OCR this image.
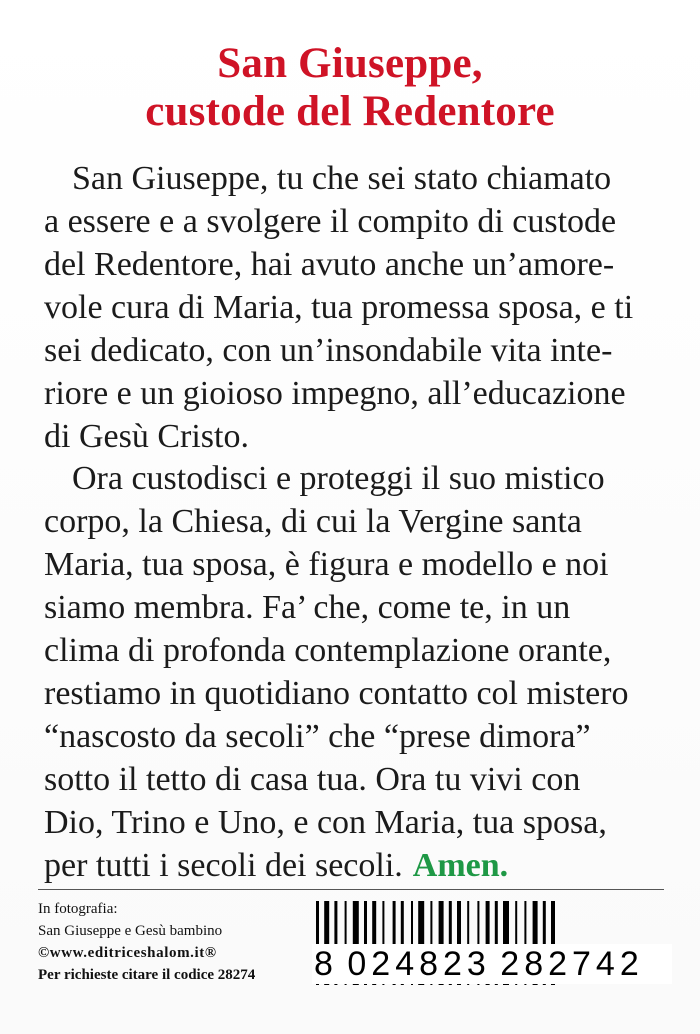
San Giuseppe,
custode del Redentore
San Giuseppe, tu che sei stato chiamato
a essere e a svolgere il compito di custode
del Redentore, hai avuto anche un’amore-
vole cura di Maria, tua promessa sposa, e ti
sei dedicato, con un’insondabile vita inte-
riore e un gioioso impegno, all’educazione
di Gesù Cristo.
Ora custodisci e proteggi il suo mistico
corpo, la Chiesa, di cui la Vergine santa
Maria, tua sposa, è figura e modello e noi
siamo membra. Fa’ che, come te, in un
clima di profonda contemplazione orante,
restiamo in quotidiano contatto col mistero
“nascosto da secoli” che “prese dimora”
sotto il tetto di casa tua. Ora tu vivi con
Dio, Trino e Uno, e con Maria, tua sposa,
per tutti i secoli dei secoli. Amen.
In fotografia:
San Giuseppe e Gesù bambino
©www.editriceshalom.it®
Per richieste citare il codice 28274	8 024823 282742
